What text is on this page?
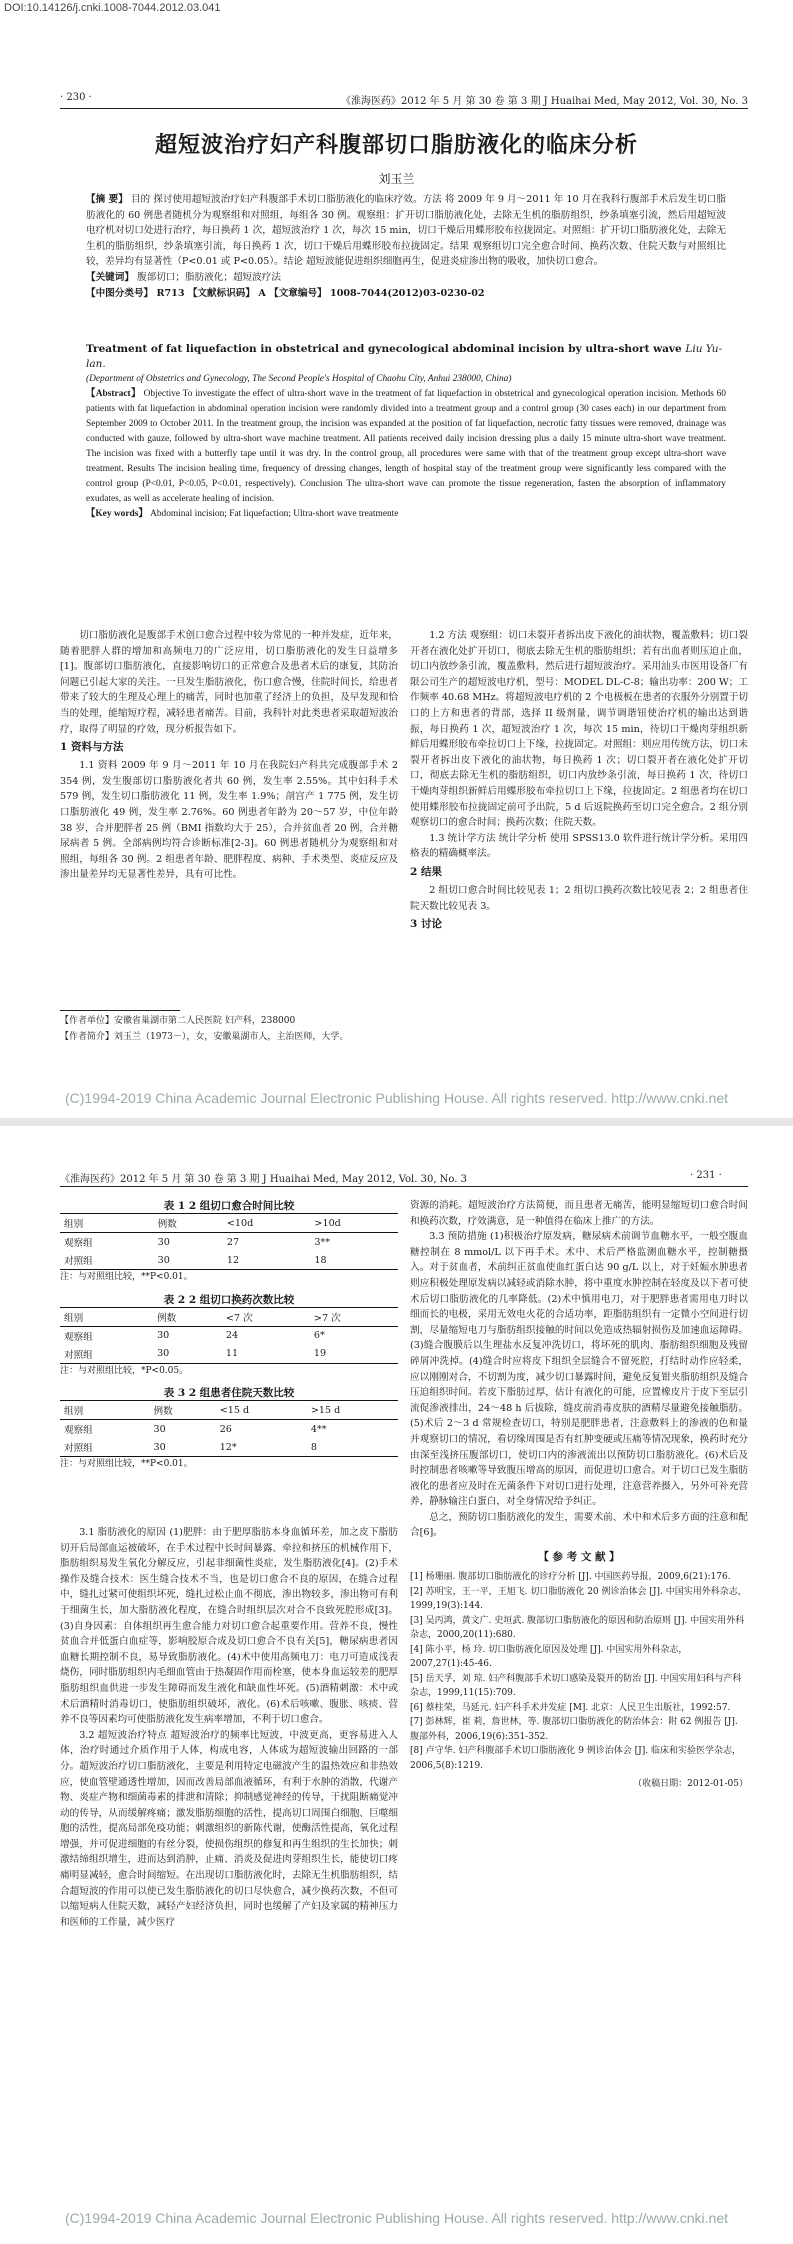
DOI:10.14126/j.cnki.1008-7044.2012.03.041
· 230 ·	《淮海医药》2012 年 5 月 第 30 卷 第 3 期 J Huaihai Med, May 2012, Vol. 30, No. 3
超短波治疗妇产科腹部切口脂肪液化的临床分析
刘玉兰

【摘 要】 目的 探讨使用超短波治疗妇产科腹部手术切口脂肪液化的临床疗效。方法 将 2009 年 9 月～2011 年 10 月在我科行腹部手术后发生切口脂肪液化的 60 例患者随机分为观察组和对照组，每组各 30 例。观察组：扩开切口脂肪液化处，去除无生机的脂肪组织，纱条填塞引流，然后用超短波电疗机对切口处进行治疗，每日换药 1 次，超短波治疗 1 次，每次 15 min，切口干燥后用蝶形胶布拉拢固定。对照组：扩开切口脂肪液化处，去除无生机的脂肪组织，纱条填塞引流，每日换药 1 次，切口干燥后用蝶形胶布拉拢固定。结果 观察组切口完全愈合时间、换药次数、住院天数与对照组比较，差异均有显著性（P<0.01 或 P<0.05）。结论 超短波能促进组织细胞再生，促进炎症渗出物的吸收，加快切口愈合。

【关键词】 腹部切口；脂肪液化；超短波疗法

【中图分类号】 R713 【文献标识码】 A 【文章编号】 1008-7044(2012)03-0230-02

Treatment of fat liquefaction in obstetrical and gynecological abdominal incision by ultra-short wave Liu Yu-lan.
(Department of Obstetrics and Gynecology, The Second People's Hospital of Chaohu City, Anhui 238000, China)
【Abstract】 Objective To investigate the effect of ultra-short wave in the treatment of fat liquefaction in obstetrical and gynecological operation incision. Methods 60 patients with fat liquefaction in abdominal operation incision were randomly divided into a treatment group and a control group (30 cases each) in our department from September 2009 to October 2011. In the treatment group, the incision was expanded at the position of fat liquefaction, necrotic fatty tissues were removed, drainage was conducted with gauze, followed by ultra-short wave machine treatment. All patients received daily incision dressing plus a daily 15 minute ultra-short wave treatment. The incision was fixed with a butterfly tape until it was dry. In the control group, all procedures were same with that of the treatment group except ultra-short wave treatment. Results The incision healing time, frequency of dressing changes, length of hospital stay of the treatment group were significantly less compared with the control group (P<0.01, P<0.05, P<0.01, respectively). Conclusion The ultra-short wave can promote the tissue regeneration, fasten the absorption of inflammatory exudates, as well as accelerate healing of incision.
【Key words】 Abdominal incision; Fat liquefaction; Ultra-short wave treatmente

切口脂肪液化是腹部手术创口愈合过程中较为常见的一种并发症，近年来，随着肥胖人群的增加和高频电刀的广泛应用，切口脂肪液化的发生日益增多[1]。腹部切口脂肪液化，直接影响切口的正常愈合及患者术后的康复，其防治问题已引起大家的关注。一旦发生脂肪液化，伤口愈合慢，住院时间长，给患者带来了较大的生理及心理上的痛苦，同时也加重了经济上的负担，及早发现和恰当的处理，能缩短疗程，减轻患者痛苦。目前，我科针对此类患者采取超短波治疗，取得了明显的疗效，现分析报告如下。

1 资料与方法

1.1 资料 2009 年 9 月～2011 年 10 月在我院妇产科共完成腹部手术 2 354 例，发生腹部切口脂肪液化者共 60 例，发生率 2.55%。其中妇科手术 579 例，发生切口脂肪液化 11 例，发生率 1.9%；剖宫产 1 775 例，发生切口脂肪液化 49 例，发生率 2.76%。60 例患者年龄为 20～57 岁，中位年龄 38 岁，合并肥胖者 25 例（BMI 指数均大于 25），合并贫血者 20 例，合并糖尿病者 5 例。全部病例均符合诊断标准[2-3]。60 例患者随机分为观察组和对照组，每组各 30 例。2 组患者年龄、肥胖程度、病种、手术类型、炎症反应及渗出量差异均无显著性差异，具有可比性。

【作者单位】安徽省巢湖市第二人民医院 妇产科，238000
【作者简介】刘玉兰（1973－），女，安徽巢湖市人，主治医师，大学。

1.2 方法 观察组：切口未裂开者拆出皮下液化的油状物，覆盖敷料；切口裂开者在液化处扩开切口，彻底去除无生机的脂肪组织；若有出血者则压迫止血，切口内放纱条引流，覆盖敷料，然后进行超短波治疗。采用汕头市医用设备厂有限公司生产的超短波电疗机，型号：MODEL DL-C-8；输出功率：200 W；工作频率 40.68 MHz。将超短波电疗机的 2 个电极板在患者的衣服外分别置于切口的上方和患者的背部，选择 II 级剂量，调节调谐钮使治疗机的输出达到谐振，每日换药 1 次，超短波治疗 1 次，每次 15 min，待切口干燥肉芽组织新鲜后用蝶形胶布牵拉切口上下缘，拉拢固定。对照组：则应用传统方法，切口未裂开者拆出皮下液化的油状物，每日换药 1 次；切口裂开者在液化处扩开切口，彻底去除无生机的脂肪组织，切口内放纱条引流，每日换药 1 次，待切口干燥肉芽组织新鲜后用蝶形胶布牵拉切口上下缘，拉拢固定。2 组患者均在切口使用蝶形胶布拉拢固定前可予出院，5 d 后返院换药至切口完全愈合。2 组分别观察切口的愈合时间；换药次数；住院天数。

1.3 统计学方法 统计学分析 使用 SPSS13.0 软件进行统计学分析。采用四格表的精确概率法。

2 结果

2 组切口愈合时间比较见表 1；2 组切口换药次数比较见表 2；2 组患者住院天数比较见表 3。

3 讨论
(C)1994-2019 China Academic Journal Electronic Publishing House. All rights reserved. http://www.cnki.net
《淮海医药》2012 年 5 月 第 30 卷 第 3 期 J Huaihai Med, May 2012, Vol. 30, No. 3	· 231 ·
表 1 2 组切口愈合时间比较
组别	例数	<10d	>10d
观察组	30	27	3**
对照组	30	12	18
注：与对照组比较，**P<0.01。
表 2 2 组切口换药次数比较
组别	例数	<7 次	>7 次
观察组	30	24	6*
对照组	30	11	19
注：与对照组比较，*P<0.05。
表 3 2 组患者住院天数比较
组别	例数	<15 d	>15 d
观察组	30	26	4**
对照组	30	12*	8
注：与对照组比较，**P<0.01。

3.1 脂肪液化的原因 (1)肥胖：由于肥厚脂肪本身血循环差，加之皮下脂肪切开后局部血运被破坏，在手术过程中长时间暴露、牵拉和挤压的机械作用下，脂肪组织易发生氧化分解反应，引起非细菌性炎症，发生脂肪液化[4]。(2)手术操作及缝合技术：医生缝合技术不当，也是切口愈合不良的原因，在缝合过程中，缝扎过紧可使组织坏死，缝扎过松止血不彻底，渗出物较多，渗出物可有利于细菌生长，加大脂肪液化程度，在缝合时组织层次对合不良致死腔形成[3]。(3)自身因素：自体组织再生愈合能力对切口愈合起重要作用。营养不良，慢性贫血合并低蛋白血症等，影响胶原合成及切口愈合不良有关[5]，糖尿病患者因血糖长期控制不良，易导致脂肪液化。(4)术中使用高频电刀：电刀可造成浅表烧伤，同时脂肪组织内毛细血管由于热凝固作用而栓塞，使本身血运较差的肥厚脂肪组织血供进一步发生障碍而发生液化和缺血性坏死。(5)酒精刺激：术中或术后酒精时消毒切口，使脂肪组织破坏，液化。(6)术后咳嗽、腹胀、咳痰、营养不良等因素均可使脂肪液化发生病率增加，不利于切口愈合。

3.2 超短波治疗特点 超短波治疗的频率比短波，中波更高，更容易进入人体，治疗时通过介质作用于人体，构成电容，人体成为超短波输出回路的一部分。超短波治疗切口脂肪液化，主要是利用特定电磁波产生的温热效应和非热效应，使血管壁通透性增加，因而改善局部血液循环，有利于水肿的消散，代谢产物、炎症产物和细菌毒素的排泄和清除；抑制感觉神经的传导，干扰阻断痛觉冲动的传导，从而缓解疼痛；激发脂肪细胞的活性，提高切口周围白细胞、巨噬细胞的活性，提高局部免疫功能；刺激组织的新陈代谢，使酶活性提高，氧化过程增强，并可促进细胞的有丝分裂，使损伤组织的修复和再生组织的生长加快；刺激结缔组织增生，进而达到消肿，止痛、消炎及促进肉芽组织生长，能使切口疼痛明显减轻，愈合时间缩短。在出现切口脂肪液化时，去除无生机脂肪组织，结合超短波的作用可以使已发生脂肪液化的切口尽快愈合，减少换药次数，不但可以缩短病人住院天数，减轻产妇经济负担，同时也缓解了产妇及家属的精神压力和医师的工作量，减少医疗

资源的消耗。超短波治疗方法简便，而且患者无痛苦，能明显缩短切口愈合时间和换药次数，疗效满意，是一种值得在临床上推广的方法。

3.3 预防措施 (1)积极治疗原发病，糖尿病术前调节血糖水平，一般空腹血糖控制在 8 mmol/L 以下再手术。术中、术后严格监测血糖水平，控制糖摄入。对于贫血者，术前纠正贫血使血红蛋白达 90 g/L 以上，对于妊娠水肿患者则应积极处理原发病以减轻或消除水肿，将中重度水肿控制在轻度及以下者可使术后切口脂肪液化的几率降低。(2)术中慎用电刀，对于肥胖患者需用电刀时以细而长的电极，采用无效电火花的合适功率，距脂肪组织有一定微小空间进行切割，尽量缩短电刀与脂肪组织接触的时间以免造成热辐射损伤及加速血运障碍。(3)缝合腹膜后以生理盐水反复冲洗切口，将坏死的肌肉、脂肪组织细胞及残留碎屑冲洗掉。(4)缝合时应将皮下组织全层缝合不留死腔，打结时动作应轻柔，应以刚刚对合，不切割为度，减少切口暴露时间，避免反复钳夹脂肪组织及缝合压迫组织时间。若皮下脂肪过厚，估计有液化的可能，应置橡皮片于皮下至层引流促渗液排出，24～48 h 后拔除，缝皮前消毒皮肤的酒精尽量避免接触脂肪。(5)术后 2～3 d 常规检查切口，特别是肥胖患者，注意敷料上的渗液的色和量并观察切口的情况，看切缘周围是否有红肿变硬或压痛等情况现象，换药时充分由深至浅挤压腹部切口，使切口内的渗液流出以预防切口脂肪液化。(6)术后及时控制患者咳嗽等导致腹压增高的原因，而促进切口愈合。对于切口已发生脂肪液化的患者应及时在无菌条件下对切口进行处理，注意营养摄入，另外可补充营养，静脉输注白蛋白，对全身情况给予纠正。

总之，预防切口脂肪液化的发生，需要术前、术中和术后多方面的注意和配合[6]。

【 参 考 文 献 】
[1] 杨珊丽. 腹部切口脂肪液化的诊疗分析 [J]. 中国医药导报，2009,6(21):176.
[2] 苏明宝，王一平，王旭飞. 切口脂肪液化 20 例诊治体会 [J]. 中国实用外科杂志，1999,19(3):144.
[3] 吴丙鸿，黄文广. 史垣武. 腹部切口脂肪液化的原因和防治原则 [J]. 中国实用外科杂志，2000,20(11):680.
[4] 陈小平，杨 玲. 切口脂肪液化原因及处理 [J]. 中国实用外科杂志，2007,27(1):45-46.
[5] 岳天孚，刘 琼. 妇产科腹部手术切口感染及裂开的防治 [J]. 中国实用妇科与产科杂志，1999,11(15):709.
[6] 蔡柱荣，马延元. 妇产科手术并发症 [M]. 北京：人民卫生出版社，1992:57.
[7] 彭林辉，崔 莉，詹世林，等. 腹部切口脂肪液化的防治体会：附 62 例报告 [J]. 腹部外科，2006,19(6):351-352.
[8] 卢守华. 妇产科腹部手术切口脂肪液化 9 例诊治体会 [J]. 临床和实验医学杂志，2006,5(8):1219.
（收稿日期：2012-01-05）
(C)1994-2019 China Academic Journal Electronic Publishing House. All rights reserved. http://www.cnki.net
